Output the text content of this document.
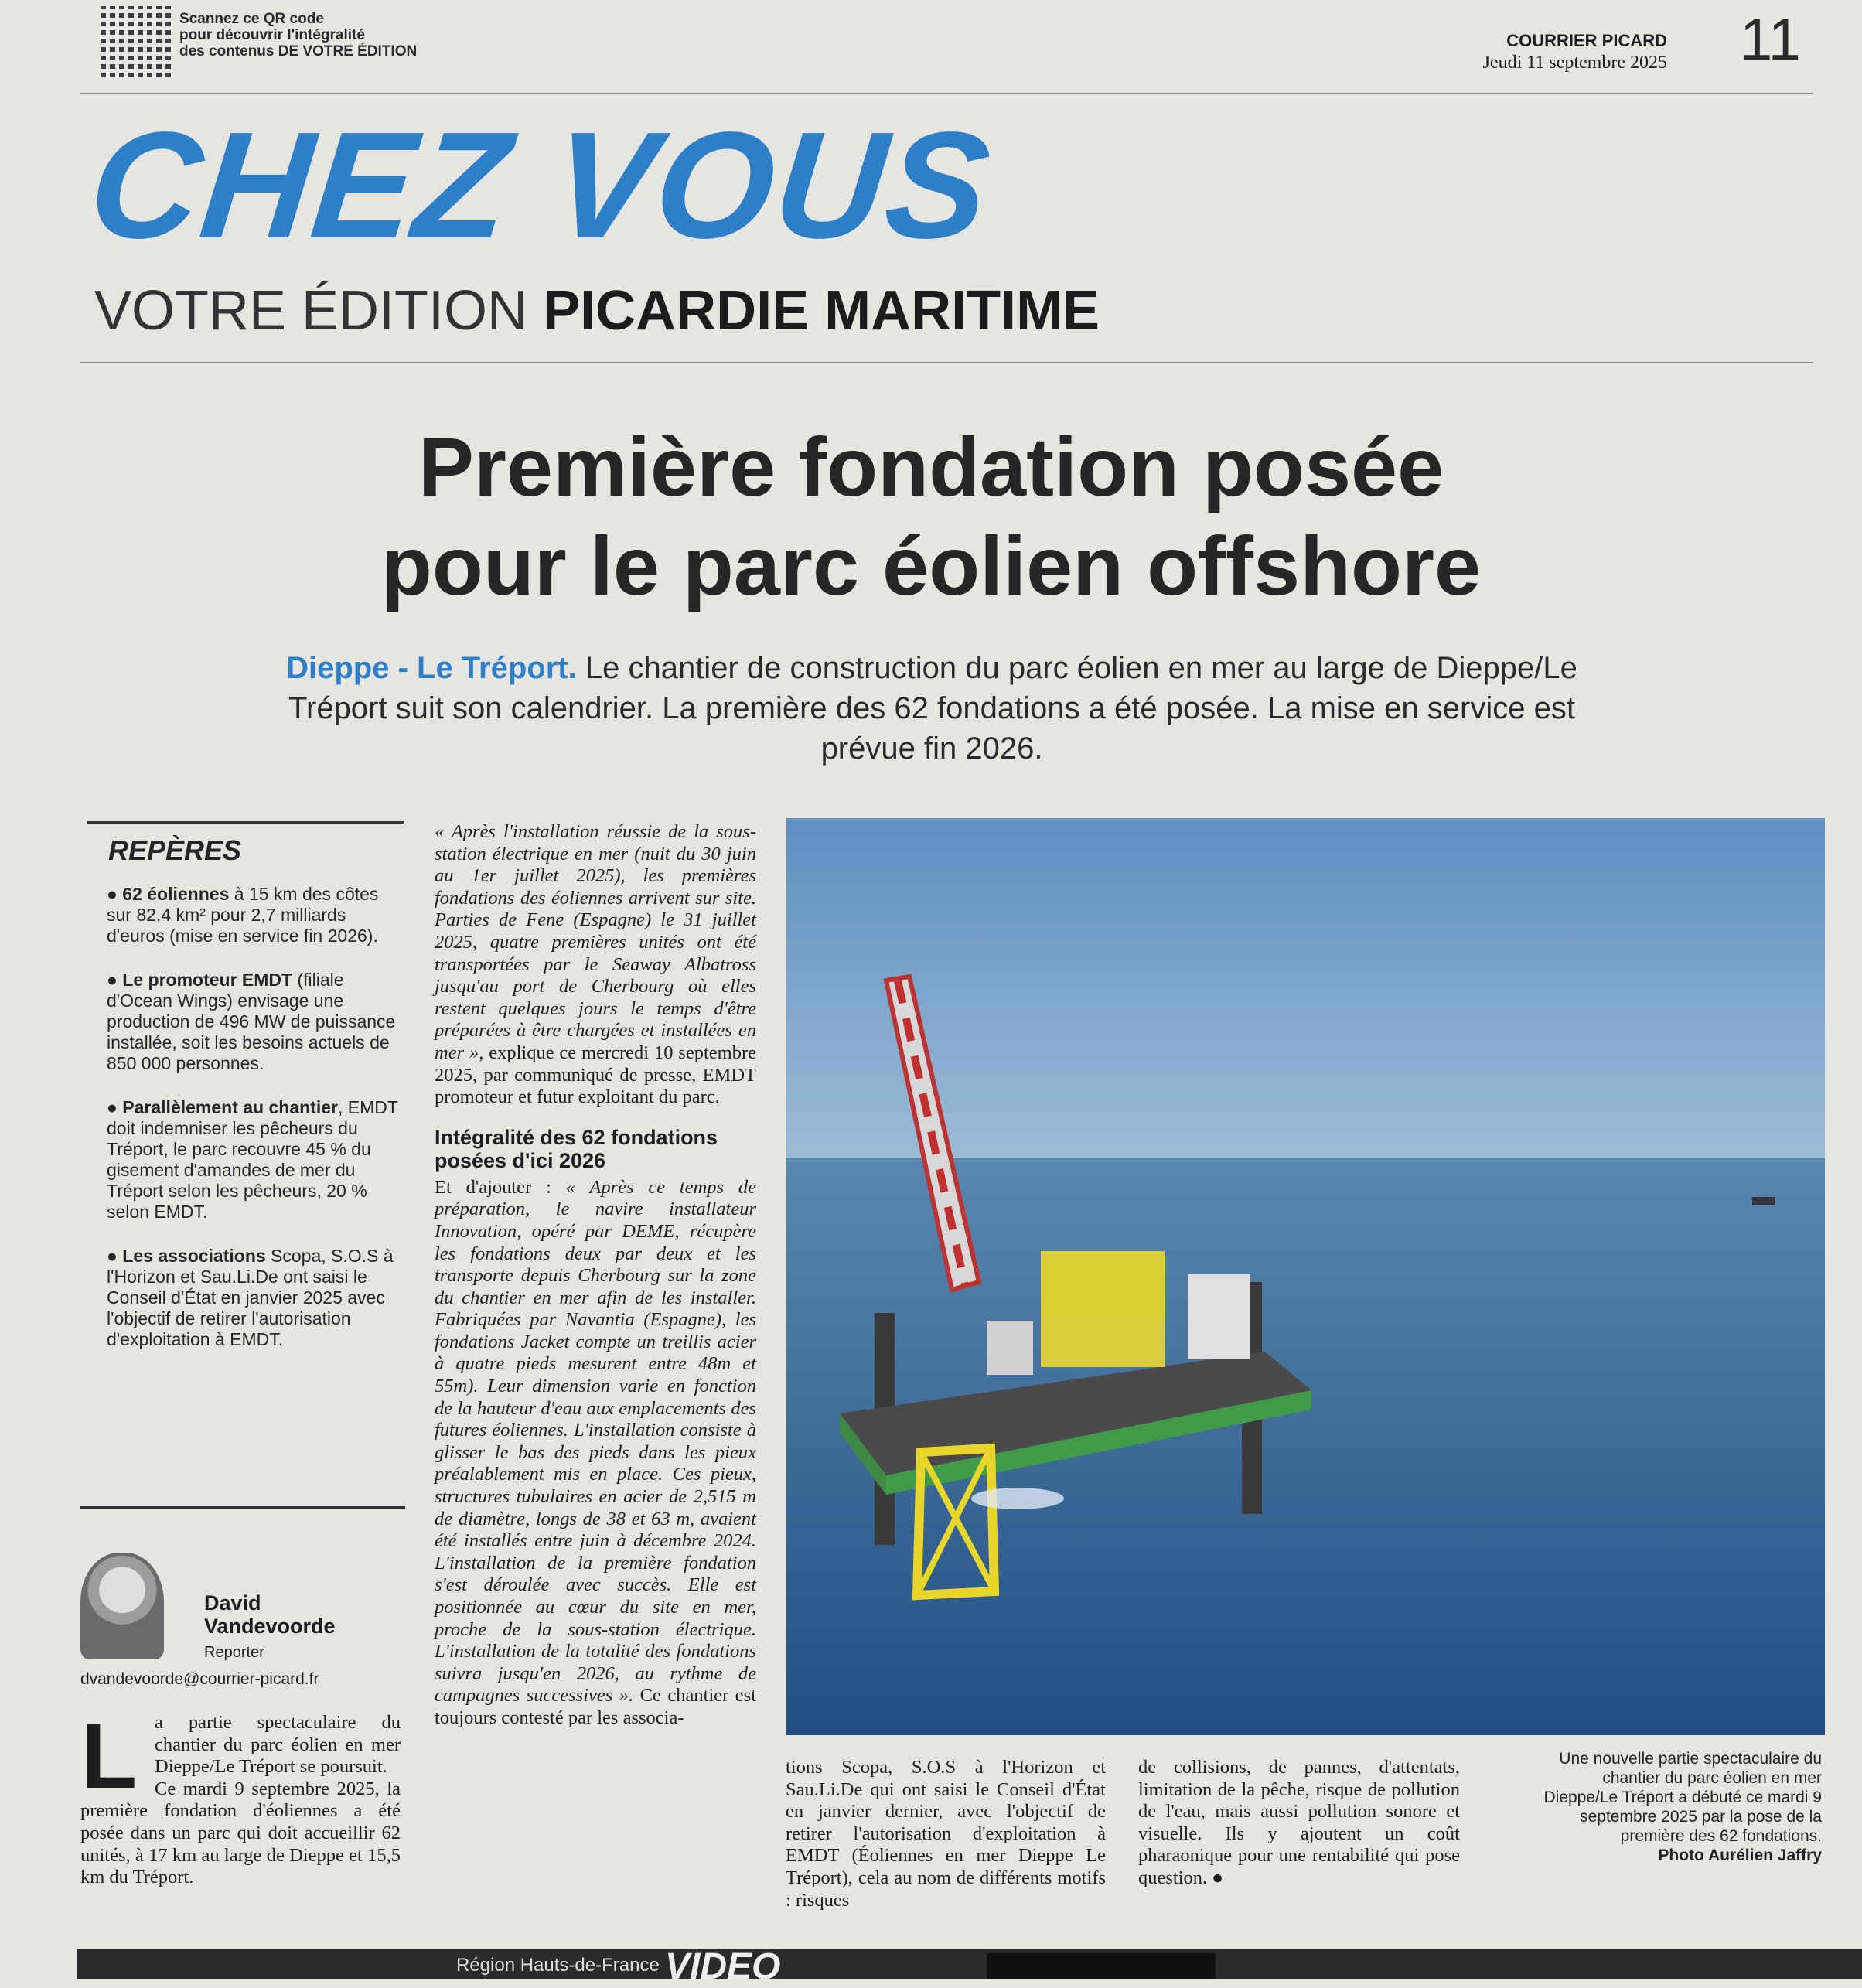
Scannez ce QR code
pour découvrir l'intégralité
des contenus DE VOTRE ÉDITION
COURRIER PICARD
Jeudi 11 septembre 2025 11
CHEZ VOUS
VOTRE ÉDITION PICARDIE MARITIME
Première fondation posée
pour le parc éolien offshore
Dieppe - Le Tréport. Le chantier de construction du parc éolien en mer au large de Dieppe/Le Tréport suit son calendrier. La première des 62 fondations a été posée. La mise en service est prévue fin 2026.
REPÈRES

● 62 éoliennes à 15 km des côtes sur 82,4 km² pour 2,7 milliards d'euros (mise en service fin 2026).

● Le promoteur EMDT (filiale d'Ocean Wings) envisage une production de 496 MW de puissance installée, soit les besoins actuels de 850 000 personnes.

● Parallèlement au chantier, EMDT doit indemniser les pêcheurs du Tréport, le parc recouvre 45 % du gisement d'amandes de mer du Tréport selon les pêcheurs, 20 % selon EMDT.

● Les associations Scopa, S.O.S à l'Horizon et Sau.Li.De ont saisi le Conseil d'État en janvier 2025 avec l'objectif de retirer l'autorisation d'exploitation à EMDT.

David Vandevoorde
Reporter
dvandevoorde@courrier-picard.fr
L a partie spectaculaire du chantier du parc éolien en mer Dieppe/Le Tréport se poursuit.
Ce mardi 9 septembre 2025, la première fondation d'éoliennes a été posée dans un parc qui doit accueillir 62 unités, à 17 km au large de Dieppe et 15,5 km du Tréport.
« Après l'installation réussie de la sous-station électrique en mer (nuit du 30 juin au 1er juillet 2025), les premières fondations des éoliennes arrivent sur site. Parties de Fene (Espagne) le 31 juillet 2025, quatre premières unités ont été transportées par le Seaway Albatross jusqu'au port de Cherbourg où elles restent quelques jours le temps d'être préparées à être chargées et installées en mer », explique ce mercredi 10 septembre 2025, par communiqué de presse, EMDT promoteur et futur exploitant du parc.
Intégralité des 62 fondations posées d'ici 2026
Et d'ajouter : « Après ce temps de préparation, le navire installateur Innovation, opéré par DEME, récupère les fondations deux par deux et les transporte depuis Cherbourg sur la zone du chantier en mer afin de les installer. Fabriquées par Navantia (Espagne), les fondations Jacket compte un treillis acier à quatre pieds mesurent entre 48m et 55m). Leur dimension varie en fonction de la hauteur d'eau aux emplacements des futures éoliennes. L'installation consiste à glisser le bas des pieds dans les pieux préalablement mis en place. Ces pieux, structures tubulaires en acier de 2,515 m de diamètre, longs de 38 et 63 m, avaient été installés entre juin à décembre 2024. L'installation de la première fondation s'est déroulée avec succès. Elle est positionnée au cœur du site en mer, proche de la sous-station électrique. L'installation de la totalité des fondations suivra jusqu'en 2026, au rythme de campagnes successives ». Ce chantier est toujours contesté par les associa-
Une nouvelle partie spectaculaire du chantier du parc éolien en mer Dieppe/Le Tréport a débuté ce mardi 9 septembre 2025 par la pose de la première des 62 fondations.
Photo Aurélien Jaffry
tions Scopa, S.O.S à l'Horizon et Sau.Li.De qui ont saisi le Conseil d'État en janvier dernier, avec l'objectif de retirer l'autorisation d'exploitation à EMDT (Éoliennes en mer Dieppe Le Tréport), cela au nom de différents motifs : risques
de collisions, de pannes, d'attentats, limitation de la pêche, risque de pollution de l'eau, mais aussi pollution sonore et visuelle. Ils y ajoutent un coût pharaonique pour une rentabilité qui pose question. ●
Région Hauts-de-France VIDEO
